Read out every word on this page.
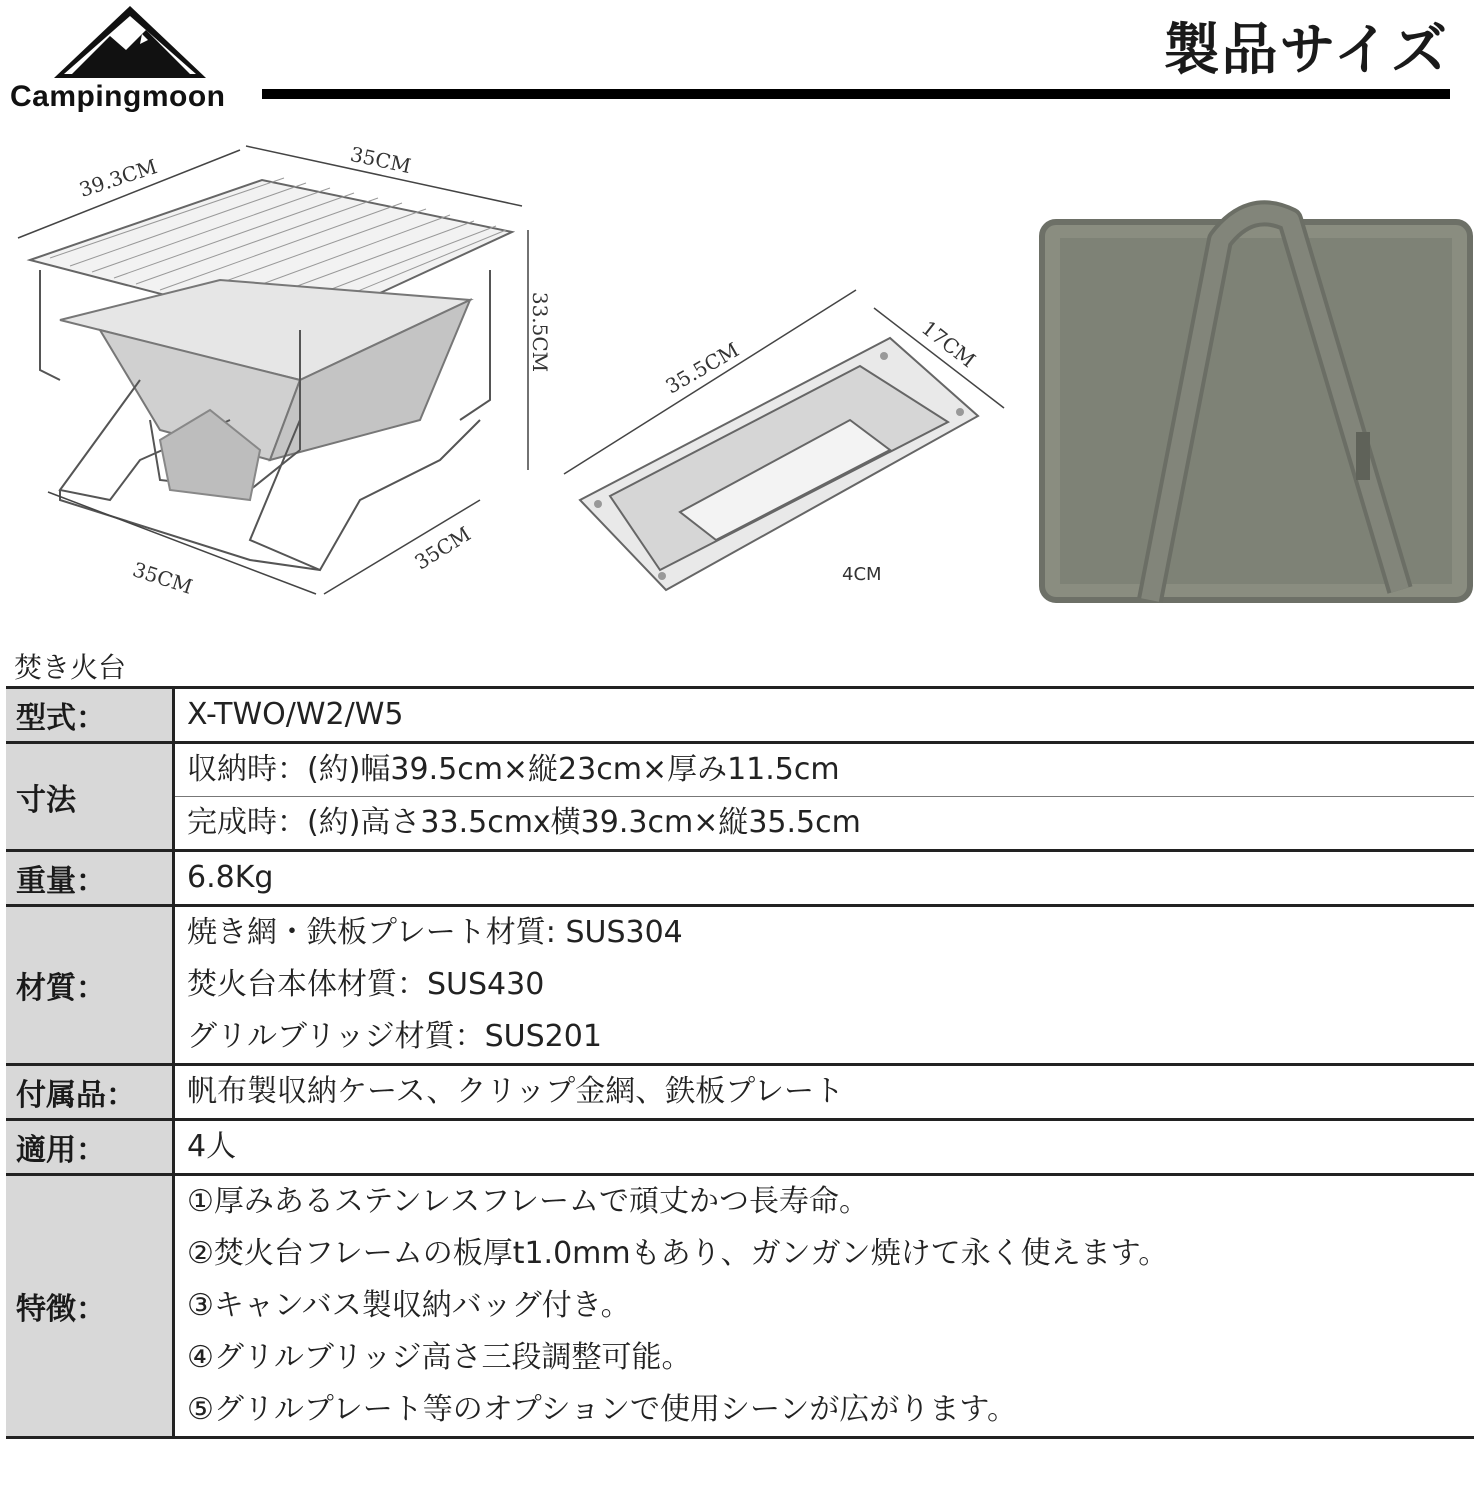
Campingmoon
製品サイズ
39.3CM	35CM
33.5CM
35CM
35CM
35.5CM	17CM
4CM
焚き火台
型式：	X-TWO/W2/W5

寸法	収納時：(約)幅39.5cm×縦23cm×厚み11.5cm

	完成時：(約)高さ33.5cmx横39.3cm×縦35.5cm

重量：	6.8Kg

材質：	焼き網・鉄板プレート材質: SUS304
焚火台本体材質：SUS430
グリルブリッジ材質：SUS201

付属品：	帆布製収納ケース、クリップ金網、鉄板プレート

適用：	4人

特徴：	①厚みあるステンレスフレームで頑丈かつ長寿命。
②焚火台フレームの板厚t1.0mmもあり、ガンガン焼けて永く使えます。
③キャンバス製収納バッグ付き。
④グリルブリッジ高さ三段調整可能。
⑤グリルプレート等のオプションで使用シーンが広がります。
